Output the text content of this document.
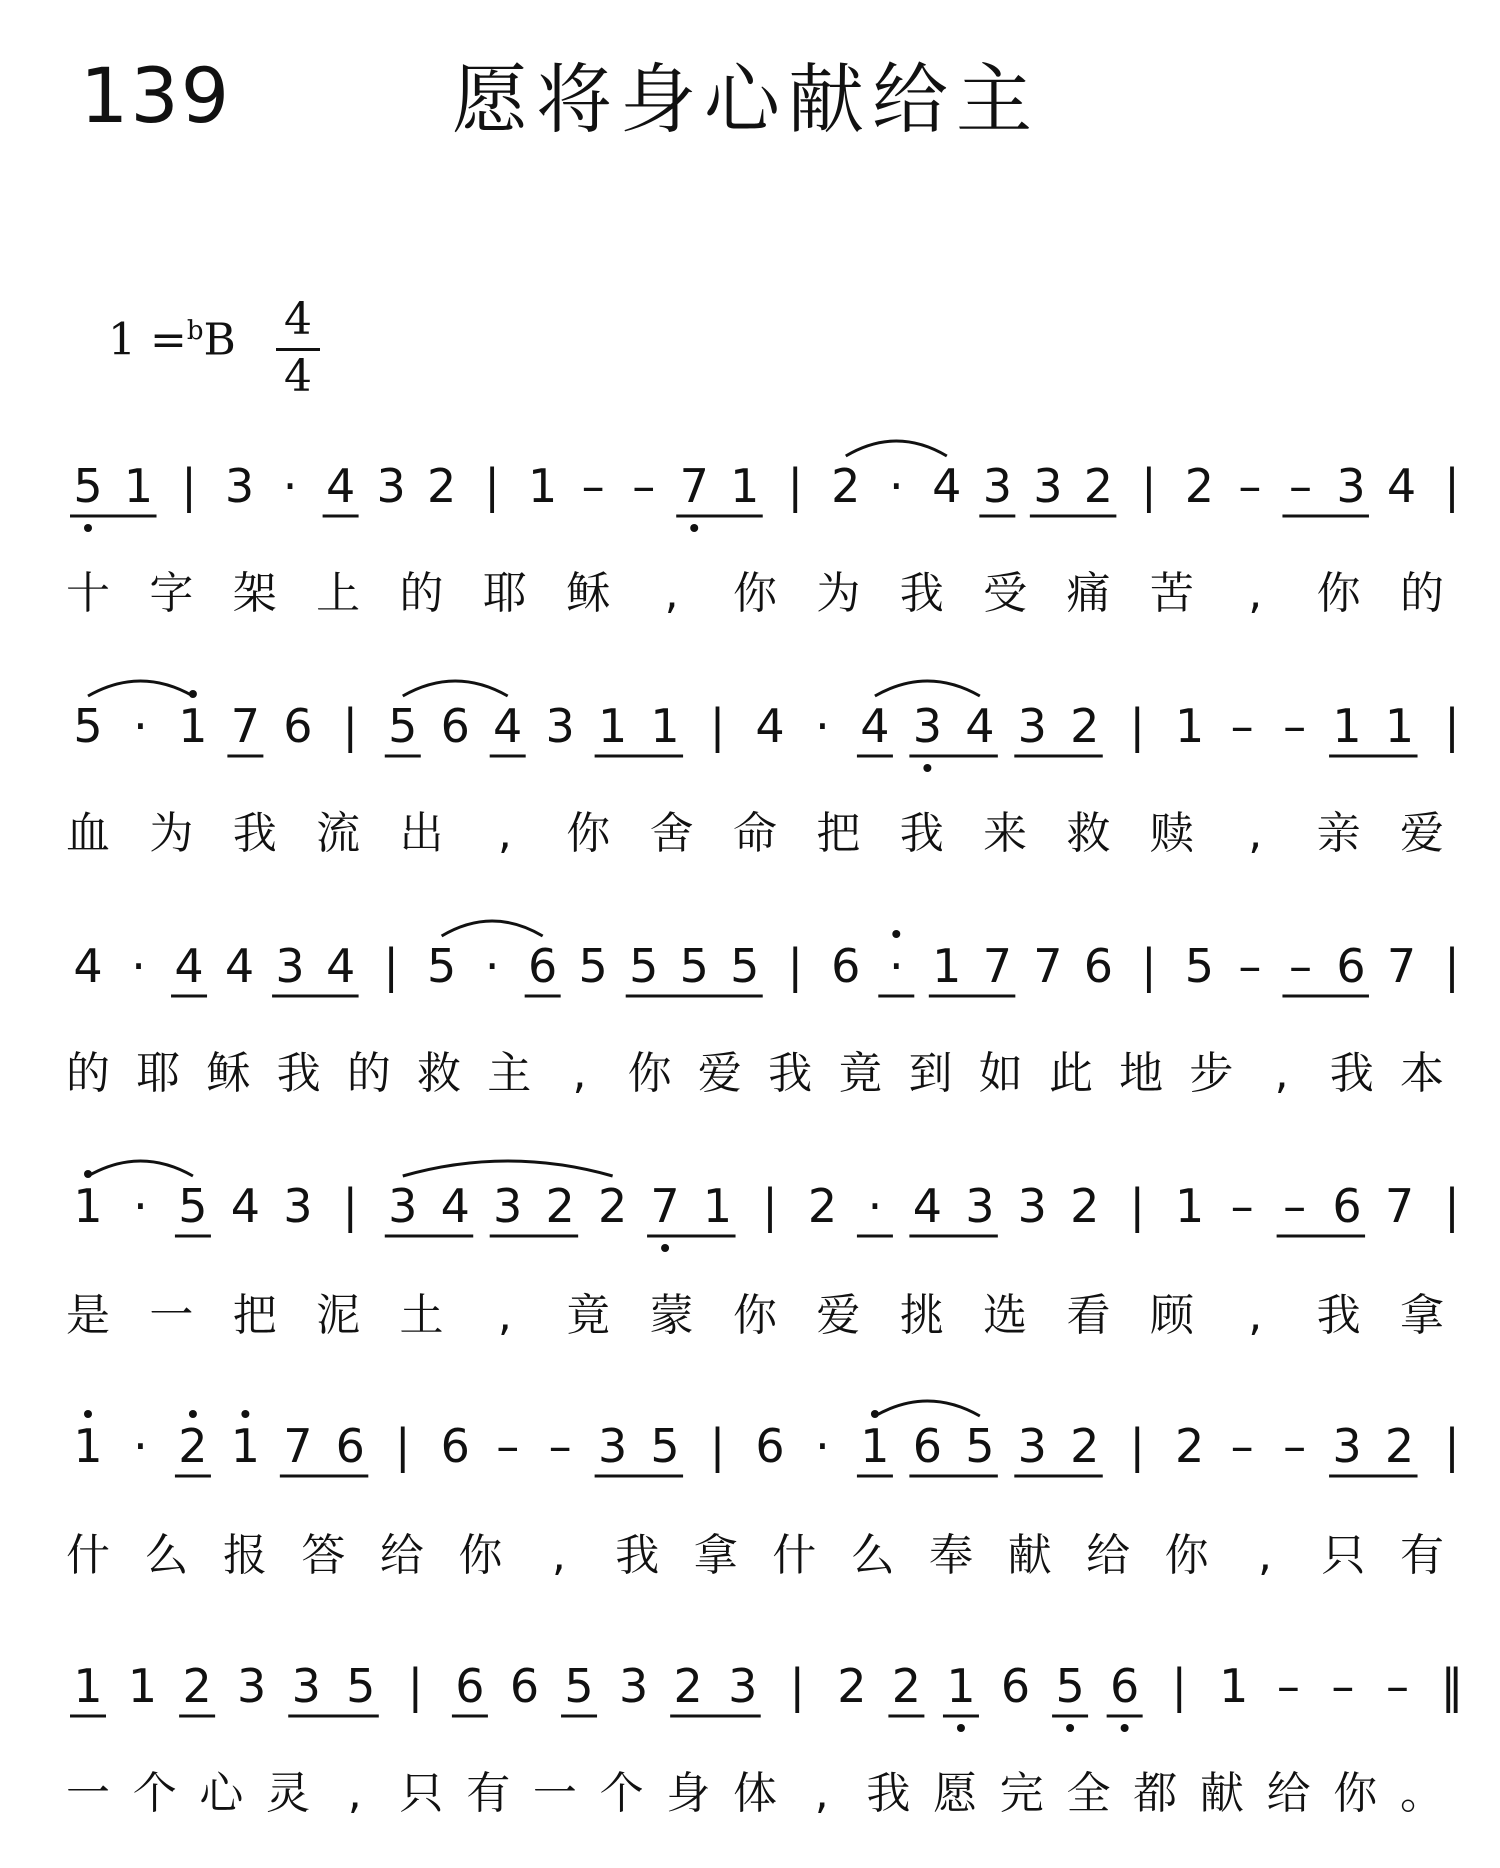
139	愿将身心献给主
1 =$^b$B 4
4
5 1 | 3 · 4 3 2 | 1 – – 7 1 | 2 · 4 3 3 2 | 2 – – 3 4 |
十 字 架 上 的 耶 稣 , 你 为 我 受 痛 苦 , 你 的
5 · 1 7 6 | 5 6 4 3 1 1 | 4 · 4 3 4 3 2 | 1 – – 1 1 |
血 为 我 流 出 , 你 舍 命 把 我 来 救 赎 , 亲 爱
4 · 4 4 3 4 | 5 · 6 5 5 5 5 | 6 · 1 7 7 6 | 5 – – 6 7 |
的 耶 稣 我 的 救 主 , 你 爱 我 竟 到 如 此 地 步 , 我 本
1 · 5 4 3 | 3 4 3 2 2 7 1 | 2 · 4 3 3 2 | 1 – – 6 7 |
是 一 把 泥 土 , 竟 蒙 你 爱 挑 选 看 顾 , 我 拿
1 · 2 1 7 6 | 6 – – 3 5 | 6 · 1 6 5 3 2 | 2 – – 3 2 |
什 么 报 答 给 你 , 我 拿 什 么 奉 献 给 你 , 只 有
1 1 2 3 3 5 | 6 6 5 3 2 3 | 2 2 1 6 5 6 | 1 – – – ‖
一 个 心 灵 , 只 有 一 个 身 体 , 我 愿 完 全 都 献 给 你 。
